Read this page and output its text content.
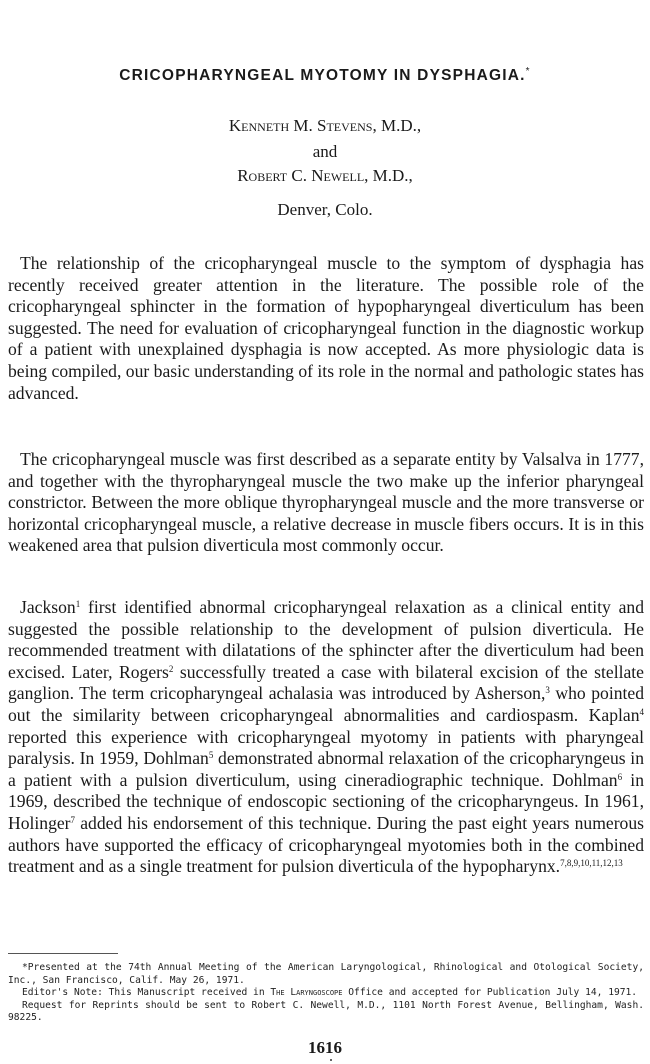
CRICOPHARYNGEAL MYOTOMY IN DYSPHAGIA.*
Kenneth M. Stevens, M.D.,
and
Robert C. Newell, M.D.,
Denver, Colo.

The relationship of the cricopharyngeal muscle to the symptom of dysphagia has recently received greater attention in the literature. The possible role of the cricopharyngeal sphincter in the formation of hypopharyngeal diverticulum has been suggested. The need for evaluation of cricopharyngeal function in the diagnostic workup of a patient with unexplained dysphagia is now accepted. As more physiologic data is being compiled, our basic understanding of its role in the normal and pathologic states has advanced.

The cricopharyngeal muscle was first described as a separate entity by Valsalva in 1777, and together with the thyropharyngeal muscle the two make up the inferior pharyngeal constrictor. Between the more oblique thyropharyngeal muscle and the more transverse or horizontal cricopharyngeal muscle, a relative decrease in muscle fibers occurs. It is in this weakened area that pulsion diverticula most commonly occur.

Jackson$^1$ first identified abnormal cricopharyngeal relaxation as a clinical entity and suggested the possible relationship to the development of pulsion diverticula. He recommended treatment with dilatations of the sphincter after the diverticulum had been excised. Later, Rogers$^2$ successfully treated a case with bilateral excision of the stellate ganglion. The term cricopharyngeal achalasia was introduced by Asherson,$^3$ who pointed out the similarity between cricopharyngeal abnormalities and cardiospasm. Kaplan$^4$ reported this experience with cricopharyngeal myotomy in patients with pharyngeal paralysis. In 1959, Dohlman$^5$ demonstrated abnormal relaxation of the cricopharyngeus in a patient with a pulsion diverticulum, using cineradiographic technique. Dohlman$^6$ in 1969, described the technique of endoscopic sectioning of the cricopharyngeus. In 1961, Holinger$^7$ added his endorsement of this technique. During the past eight years numerous authors have supported the efficacy of cricopharyngeal myotomies both in the combined treatment and as a single treatment for pulsion diverticula of the hypopharynx.$^{7,8,9,10,11,12,13}$

*Presented at the 74th Annual Meeting of the American Laryngological, Rhinological and Otological Society, Inc., San Francisco, Calif. May 26, 1971.

Editor's Note: This Manuscript received in The Laryngoscope Office and accepted for Publication July 14, 1971.

Request for Reprints should be sent to Robert C. Newell, M.D., 1101 North Forest Avenue, Bellingham, Wash. 98225.

1616
